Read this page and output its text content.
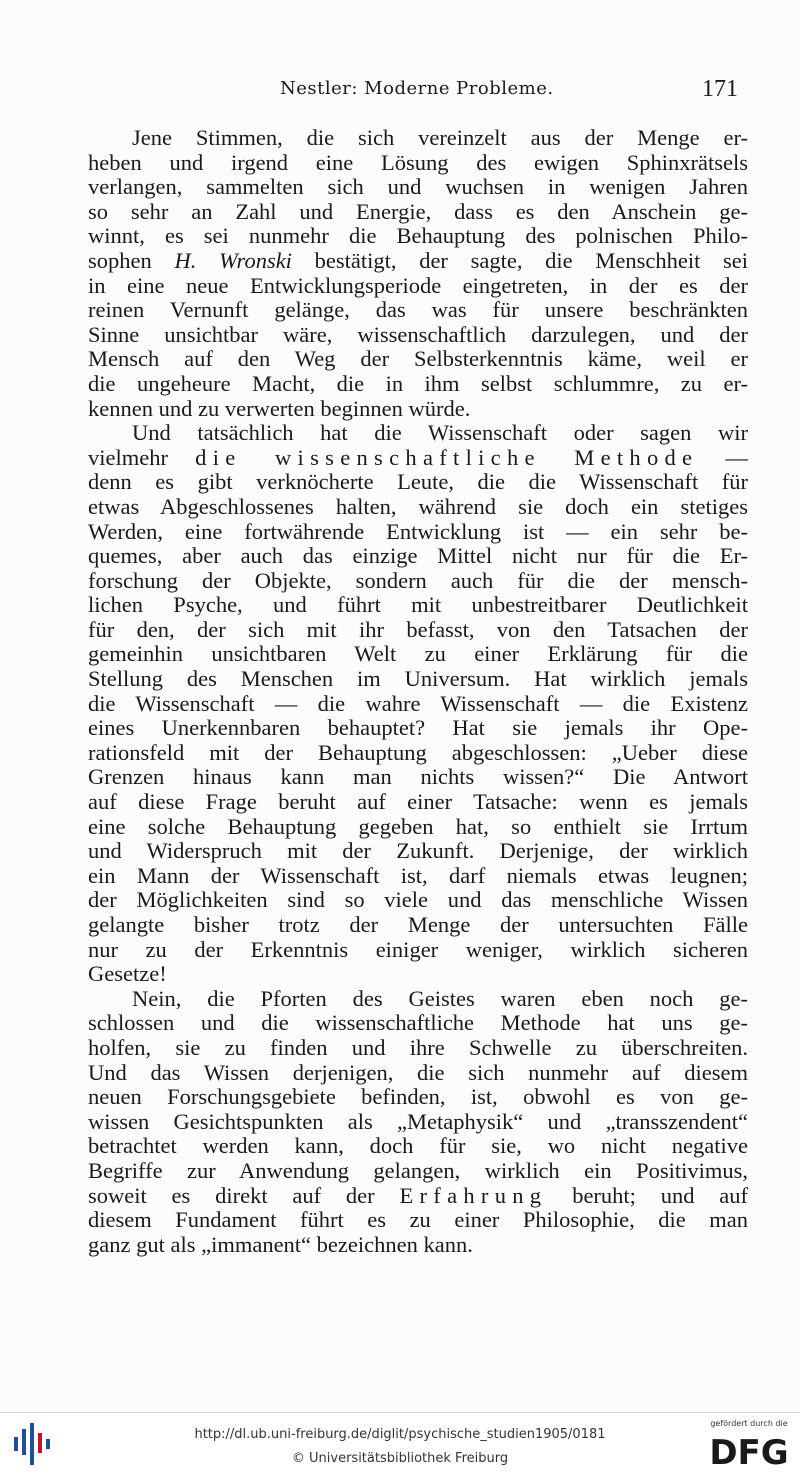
Nestler: Moderne Probleme.	171
Jene Stimmen, die sich vereinzelt aus der Menge er-
heben und irgend eine Lösung des ewigen Sphinxrätsels
verlangen, sammelten sich und wuchsen in wenigen Jahren
so sehr an Zahl und Energie, dass es den Anschein ge-
winnt, es sei nunmehr die Behauptung des polnischen Philo-
sophen H. Wronski bestätigt, der sagte, die Menschheit sei
in eine neue Entwicklungsperiode eingetreten, in der es der
reinen Vernunft gelänge, das was für unsere beschränkten
Sinne unsichtbar wäre, wissenschaftlich darzulegen, und der
Mensch auf den Weg der Selbsterkenntnis käme, weil er
die ungeheure Macht, die in ihm selbst schlummre, zu er-
kennen und zu verwerten beginnen würde.
Und tatsächlich hat die Wissenschaft oder sagen wir
vielmehr die wissenschaftliche Methode —
denn es gibt verknöcherte Leute, die die Wissenschaft für
etwas Abgeschlossenes halten, während sie doch ein stetiges
Werden, eine fortwährende Entwicklung ist — ein sehr be-
quemes, aber auch das einzige Mittel nicht nur für die Er-
forschung der Objekte, sondern auch für die der mensch-
lichen Psyche, und führt mit unbestreitbarer Deutlichkeit
für den, der sich mit ihr befasst, von den Tatsachen der
gemeinhin unsichtbaren Welt zu einer Erklärung für die
Stellung des Menschen im Universum. Hat wirklich jemals
die Wissenschaft — die wahre Wissenschaft — die Existenz
eines Unerkennbaren behauptet? Hat sie jemals ihr Ope-
rationsfeld mit der Behauptung abgeschlossen: „Ueber diese
Grenzen hinaus kann man nichts wissen?“ Die Antwort
auf diese Frage beruht auf einer Tatsache: wenn es jemals
eine solche Behauptung gegeben hat, so enthielt sie Irrtum
und Widerspruch mit der Zukunft. Derjenige, der wirklich
ein Mann der Wissenschaft ist, darf niemals etwas leugnen;
der Möglichkeiten sind so viele und das menschliche Wissen
gelangte bisher trotz der Menge der untersuchten Fälle
nur zu der Erkenntnis einiger weniger, wirklich sicheren
Gesetze!
Nein, die Pforten des Geistes waren eben noch ge-
schlossen und die wissenschaftliche Methode hat uns ge-
holfen, sie zu finden und ihre Schwelle zu überschreiten.
Und das Wissen derjenigen, die sich nunmehr auf diesem
neuen Forschungsgebiete befinden, ist, obwohl es von ge-
wissen Gesichtspunkten als „Metaphysik“ und „transszendent“
betrachtet werden kann, doch für sie, wo nicht negative
Begriffe zur Anwendung gelangen, wirklich ein Positivimus,
soweit es direkt auf der Erfahrung beruht; und auf
diesem Fundament führt es zu einer Philosophie, die man
ganz gut als „immanent“ bezeichnen kann.
http://dl.ub.uni-freiburg.de/diglit/psychische_studien1905/0181
© Universitätsbibliothek Freiburg
gefördert durch die
DFG
